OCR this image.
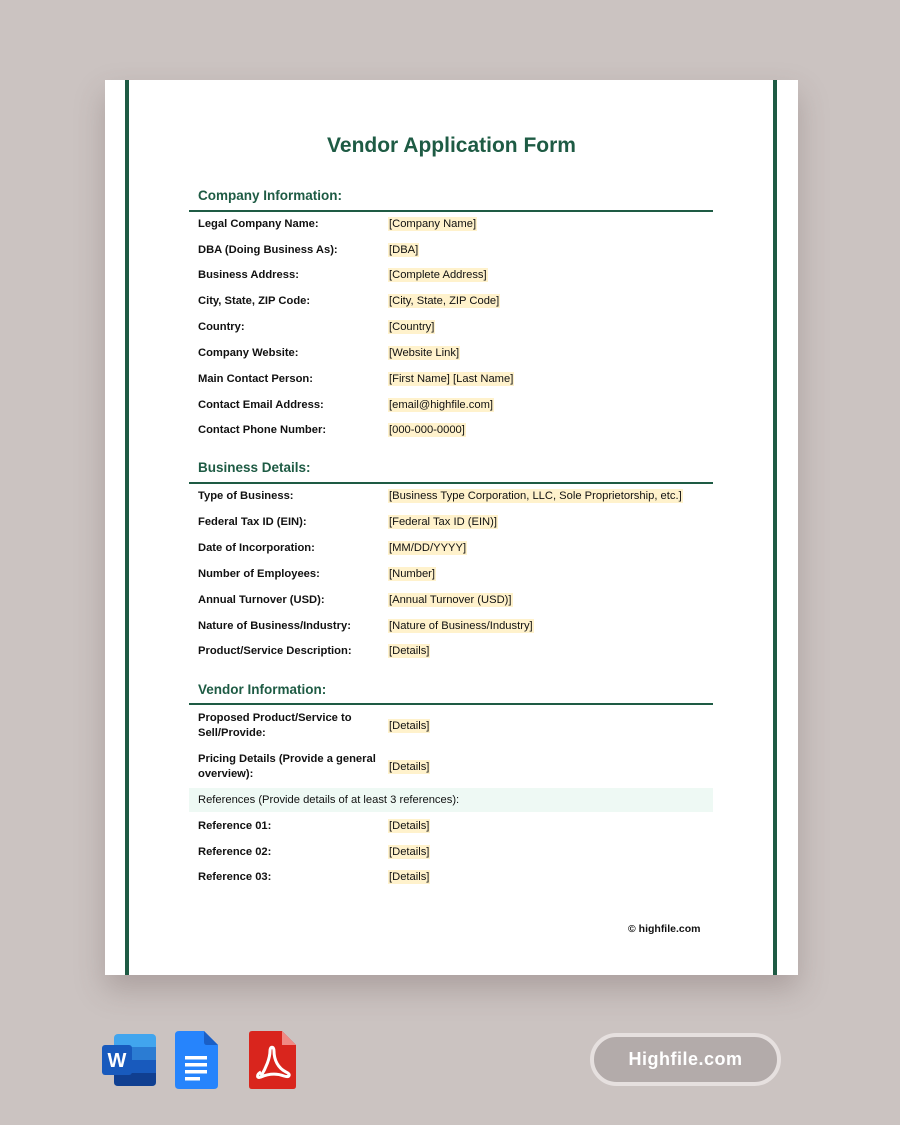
Vendor Application Form
Company Information:
Legal Company Name:	[Company Name]
DBA (Doing Business As):	[DBA]
Business Address:	[Complete Address]
City, State, ZIP Code:	[City, State, ZIP Code]
Country:	[Country]
Company Website:	[Website Link]
Main Contact Person:	[First Name] [Last Name]
Contact Email Address:	[email@highfile.com]
Contact Phone Number:	[000-000-0000]
Business Details:
Type of Business:	[Business Type Corporation, LLC, Sole Proprietorship, etc.]
Federal Tax ID (EIN):	[Federal Tax ID (EIN)]
Date of Incorporation:	[MM/DD/YYYY]
Number of Employees:	[Number]
Annual Turnover (USD):	[Annual Turnover (USD)]
Nature of Business/Industry:	[Nature of Business/Industry]
Product/Service Description:	[Details]
Vendor Information:
Proposed Product/Service to Sell/Provide:
[Details]
Pricing Details (Provide a general overview):
[Details]
References (Provide details of at least 3 references):
Reference 01:	[Details]
Reference 02:	[Details]
Reference 03:	[Details]
© highfile.com
W	Highfile.com
